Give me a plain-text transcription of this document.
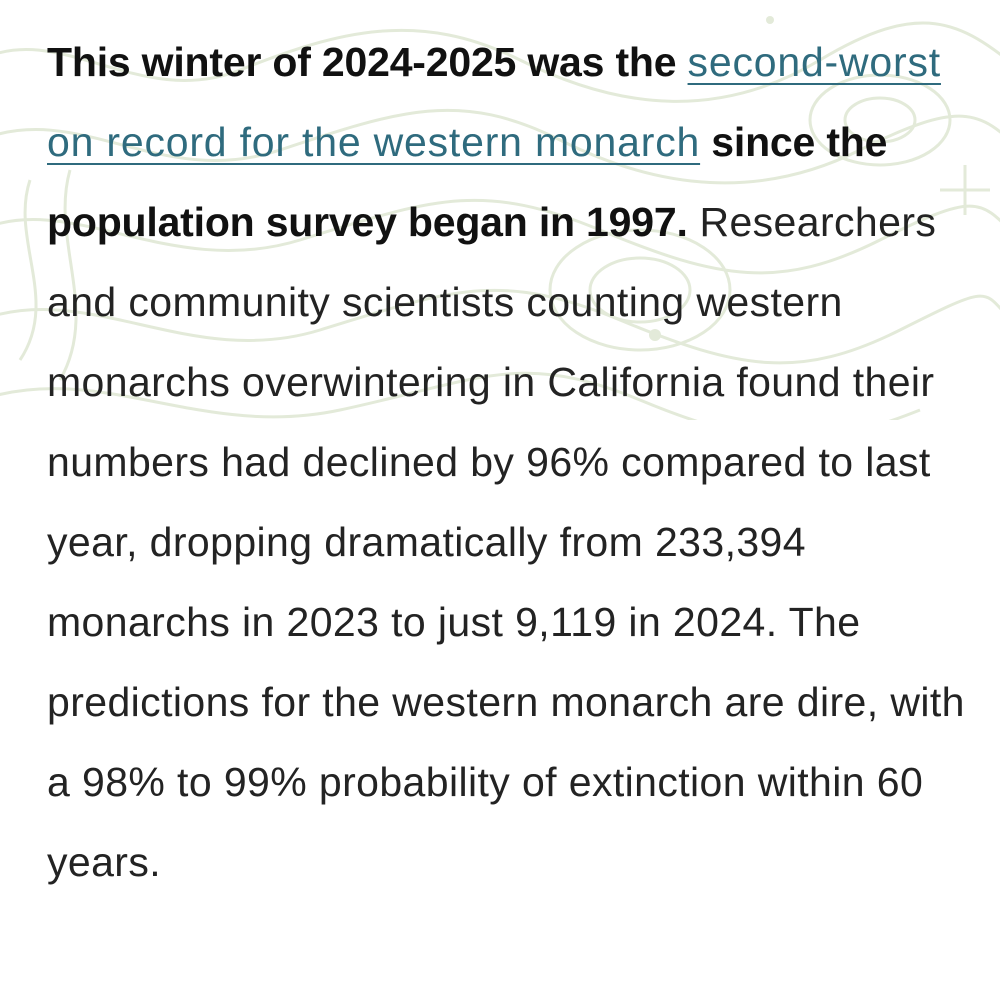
This winter of 2024-2025 was the second-worst on record for the western monarch since the population survey began in 1997. Researchers and community scientists counting western monarchs overwintering in California found their numbers had declined by 96% compared to last year, dropping dramatically from 233,394 monarchs in 2023 to just 9,119 in 2024. The predictions for the western monarch are dire, with a 98% to 99% probability of extinction within 60 years.
